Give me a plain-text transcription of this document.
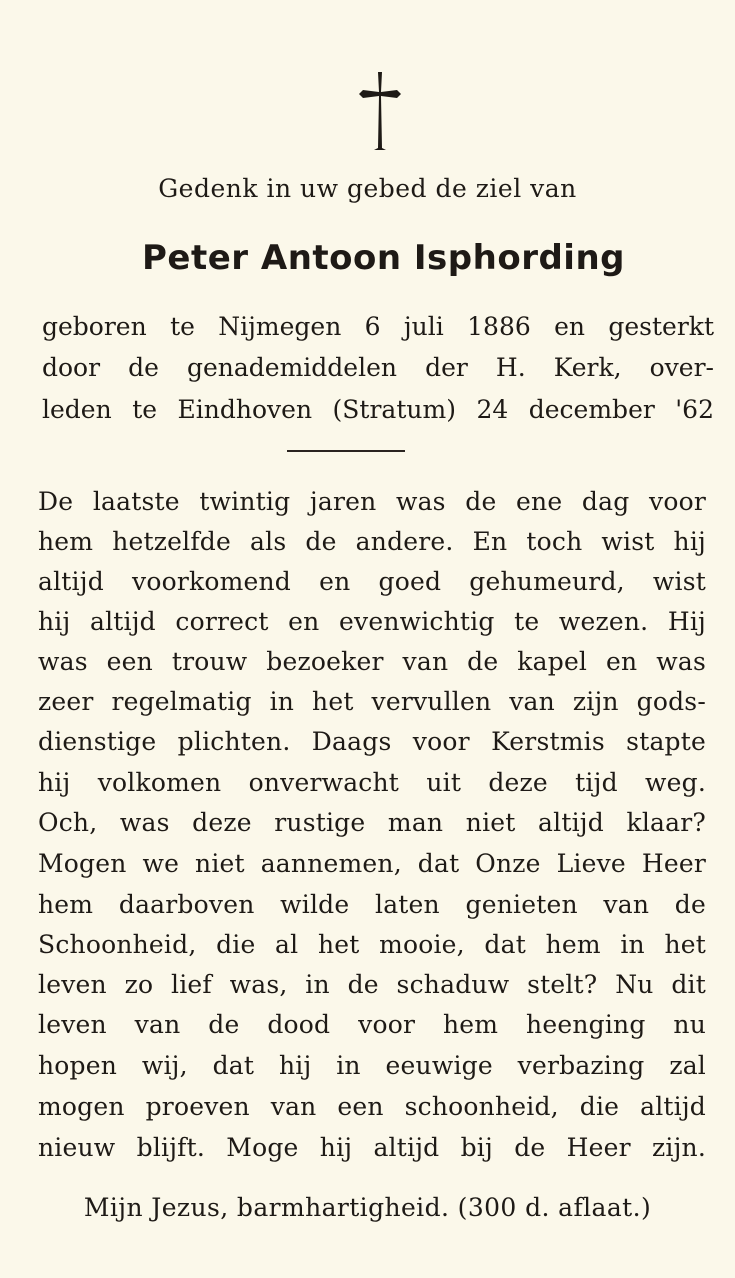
Gedenk in uw gebed de ziel van

Peter Antoon Isphording

geboren te Nijmegen 6 juli 1886 en gesterkt

door de genademiddelen der H. Kerk, over-

leden te Eindhoven (Stratum) 24 december '62

De laatste twintig jaren was de ene dag voor

hem hetzelfde als de andere. En toch wist hij

altijd voorkomend en goed gehumeurd, wist

hij altijd correct en evenwichtig te wezen. Hij

was een trouw bezoeker van de kapel en was

zeer regelmatig in het vervullen van zijn gods-

dienstige plichten. Daags voor Kerstmis stapte

hij volkomen onverwacht uit deze tijd weg.

Och, was deze rustige man niet altijd klaar?

Mogen we niet aannemen, dat Onze Lieve Heer

hem daarboven wilde laten genieten van de

Schoonheid, die al het mooie, dat hem in het

leven zo lief was, in de schaduw stelt? Nu dit

leven van de dood voor hem heenging nu

hopen wij, dat hij in eeuwige verbazing zal

mogen proeven van een schoonheid, die altijd

nieuw blijft. Moge hij altijd bij de Heer zijn.

Mijn Jezus, barmhartigheid. (300 d. aflaat.)
